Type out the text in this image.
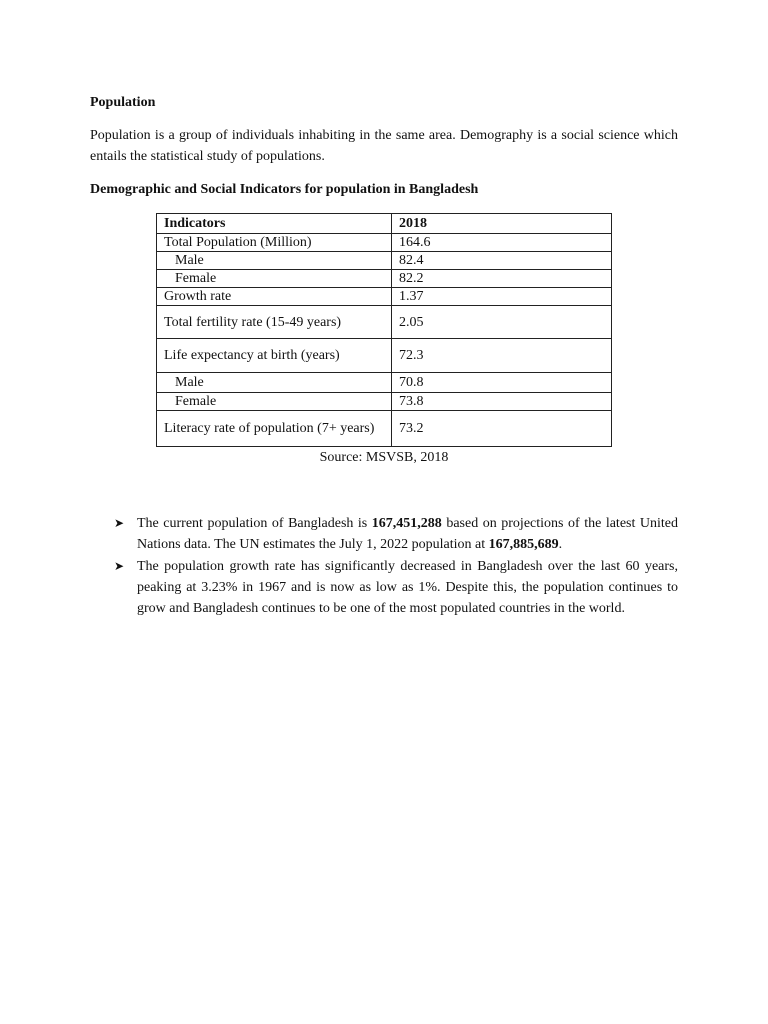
Population
Population is a group of individuals inhabiting in the same area. Demography is a social science which entails the statistical study of populations.
Demographic and Social Indicators for population in Bangladesh
Indicators	2018
Total Population (Million)	164.6
Male	82.4
Female	82.2
Growth rate	1.37
Total fertility rate (15-49 years)	2.05
Life expectancy at birth (years)	72.3
Male	70.8
Female	73.8
Literacy rate of population (7+ years)	73.2
Source: MSVSB, 2018
➤ The current population of Bangladesh is 167,451,288 based on projections of the latest United Nations data. The UN estimates the July 1, 2022 population at 167,885,689.
➤ The population growth rate has significantly decreased in Bangladesh over the last 60 years, peaking at 3.23% in 1967 and is now as low as 1%. Despite this, the population continues to grow and Bangladesh continues to be one of the most populated countries in the world.
